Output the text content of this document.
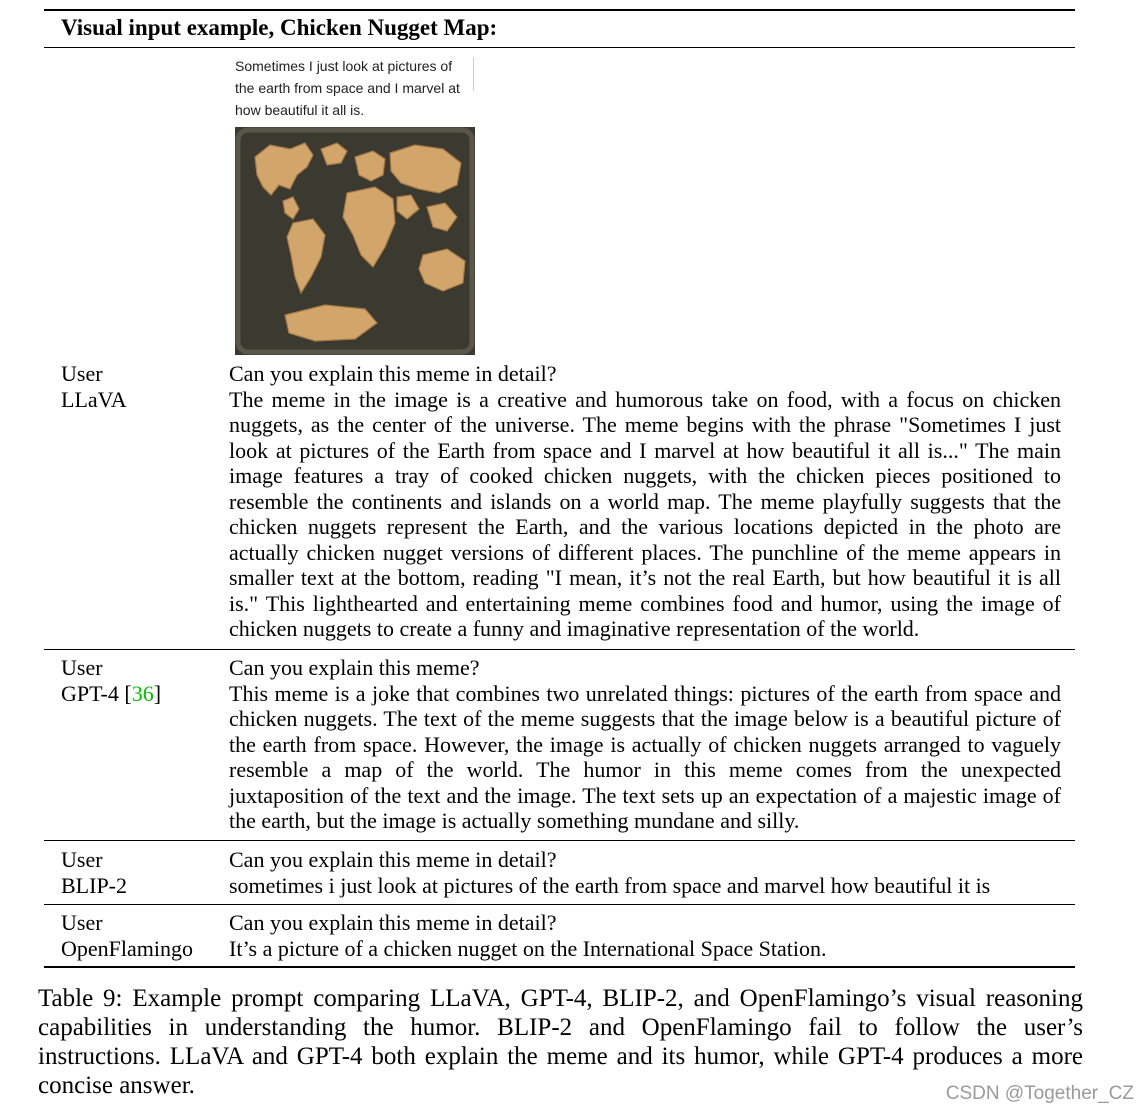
Visual input example, Chicken Nugget Map:
Sometimes I just look at pictures of the earth from space and I marvel at how beautiful it all is.
User
LLaVA
Can you explain this meme in detail?
The meme in the image is a creative and humorous take on food, with a focus on chicken nuggets, as the center of the universe. The meme begins with the phrase "Sometimes I just look at pictures of the Earth from space and I marvel at how beautiful it all is..." The main image features a tray of cooked chicken nuggets, with the chicken pieces positioned to resemble the continents and islands on a world map. The meme playfully suggests that the chicken nuggets represent the Earth, and the various locations depicted in the photo are actually chicken nugget versions of different places. The punchline of the meme appears in smaller text at the bottom, reading "I mean, it’s not the real Earth, but how beautiful it is all is." This lighthearted and entertaining meme combines food and humor, using the image of chicken nuggets to create a funny and imaginative representation of the world.
User
GPT-4 [36]
Can you explain this meme?
This meme is a joke that combines two unrelated things: pictures of the earth from space and chicken nuggets. The text of the meme suggests that the image below is a beautiful picture of the earth from space. However, the image is actually of chicken nuggets arranged to vaguely resemble a map of the world. The humor in this meme comes from the unexpected juxtaposition of the text and the image. The text sets up an expectation of a majestic image of the earth, but the image is actually something mundane and silly.
User
BLIP-2
Can you explain this meme in detail?
sometimes i just look at pictures of the earth from space and marvel how beautiful it is
User
OpenFlamingo
Can you explain this meme in detail?
It’s a picture of a chicken nugget on the International Space Station.
Table 9: Example prompt comparing LLaVA, GPT-4, BLIP-2, and OpenFlamingo’s visual reasoning capabilities in understanding the humor. BLIP-2 and OpenFlamingo fail to follow the user’s instructions. LLaVA and GPT-4 both explain the meme and its humor, while GPT-4 produces a more concise answer.	CSDN @Together_CZ
